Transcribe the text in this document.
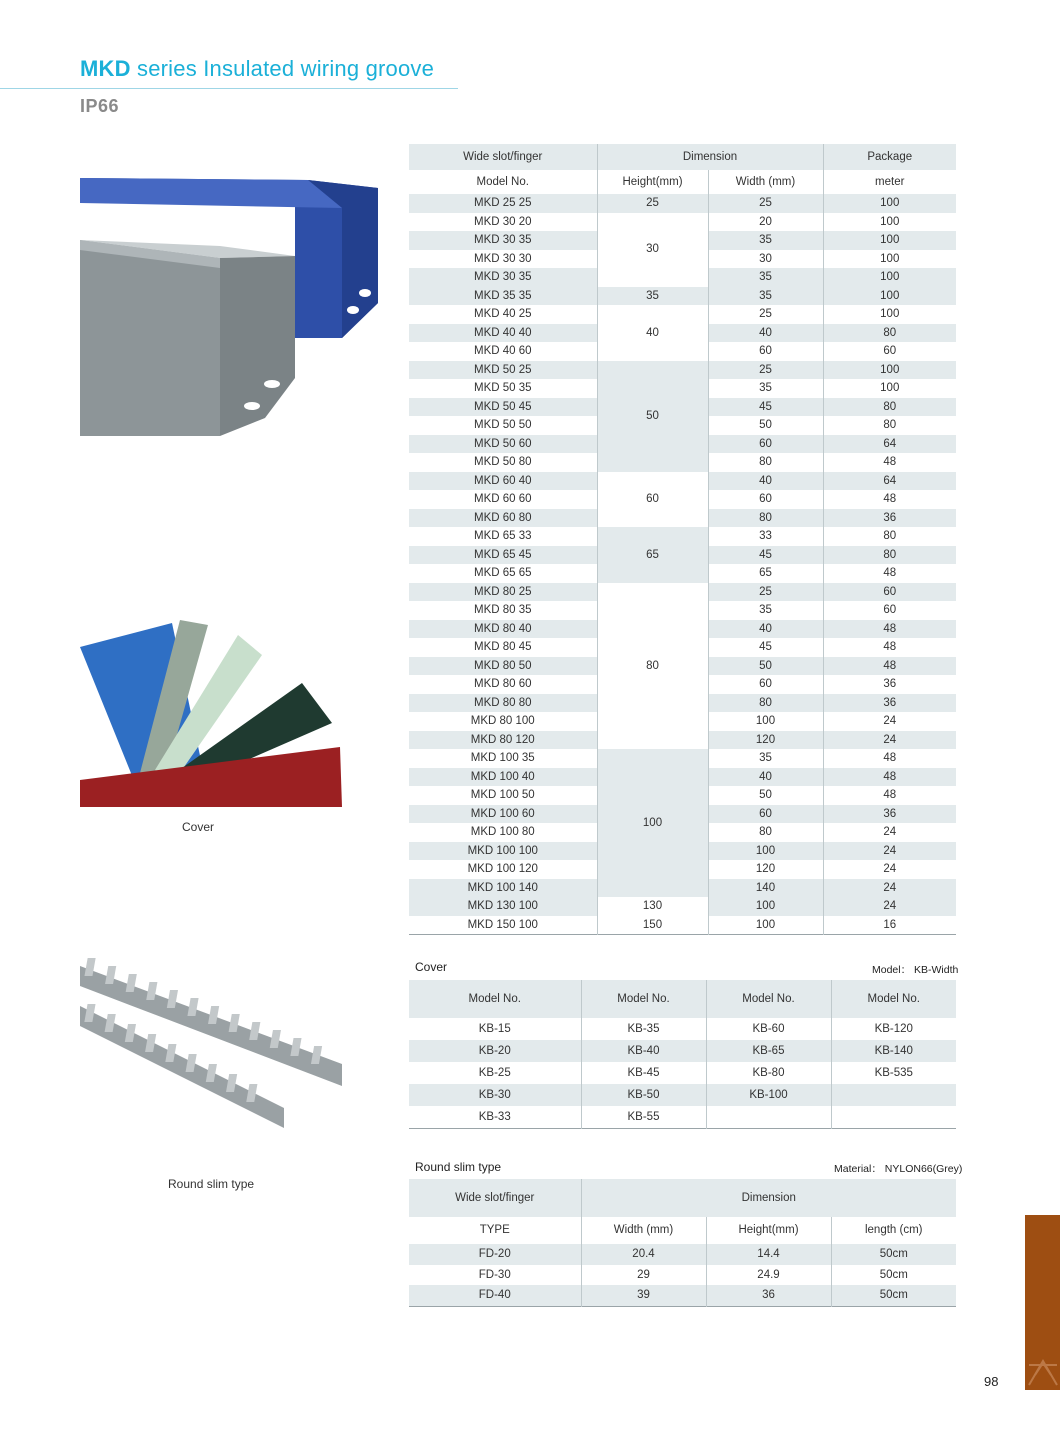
MKD series Insulated wiring groove
IP66
Cover
Round slim type
Wide slot/finger	Dimension		Package
Model No.	Height(mm)	Width (mm)	meter
MKD 25 25	25	25	100
MKD 30 20	30	20	100
MKD 30 35		35	100
MKD 30 30		30	100
MKD 30 35		35	100
MKD 35 35	35	35	100
MKD 40 25	40	25	100
MKD 40 40		40	80
MKD 40 60		60	60
MKD 50 25	50	25	100
MKD 50 35		35	100
MKD 50 45		45	80
MKD 50 50		50	80
MKD 50 60		60	64
MKD 50 80		80	48
MKD 60 40	60	40	64
MKD 60 60		60	48
MKD 60 80		80	36
MKD 65 33	65	33	80
MKD 65 45		45	80
MKD 65 65		65	48
MKD 80 25	80	25	60
MKD 80 35		35	60
MKD 80 40		40	48
MKD 80 45		45	48
MKD 80 50		50	48
MKD 80 60		60	36
MKD 80 80		80	36
MKD 80 100		100	24
MKD 80 120		120	24
MKD 100 35	100	35	48
MKD 100 40		40	48
MKD 100 50		50	48
MKD 100 60		60	36
MKD 100 80		80	24
MKD 100 100		100	24
MKD 100 120		120	24
MKD 100 140		140	24
MKD 130 100	130	100	24
MKD 150 100	150	100	16
Cover	Model： KB-Width
Model No.	Model No.	Model No.	Model No.
KB-15	KB-35	KB-60	KB-120
KB-20	KB-40	KB-65	KB-140
KB-25	KB-45	KB-80	KB-535
KB-30	KB-50	KB-100	
KB-33	KB-55		
Round slim type	Material： NYLON66(Grey)
Wide slot/finger	Dimension		
TYPE	Width (mm)	Height(mm)	length (cm)
FD-20	20.4	14.4	50cm
FD-30	29	24.9	50cm
FD-40	39	36	50cm
98
